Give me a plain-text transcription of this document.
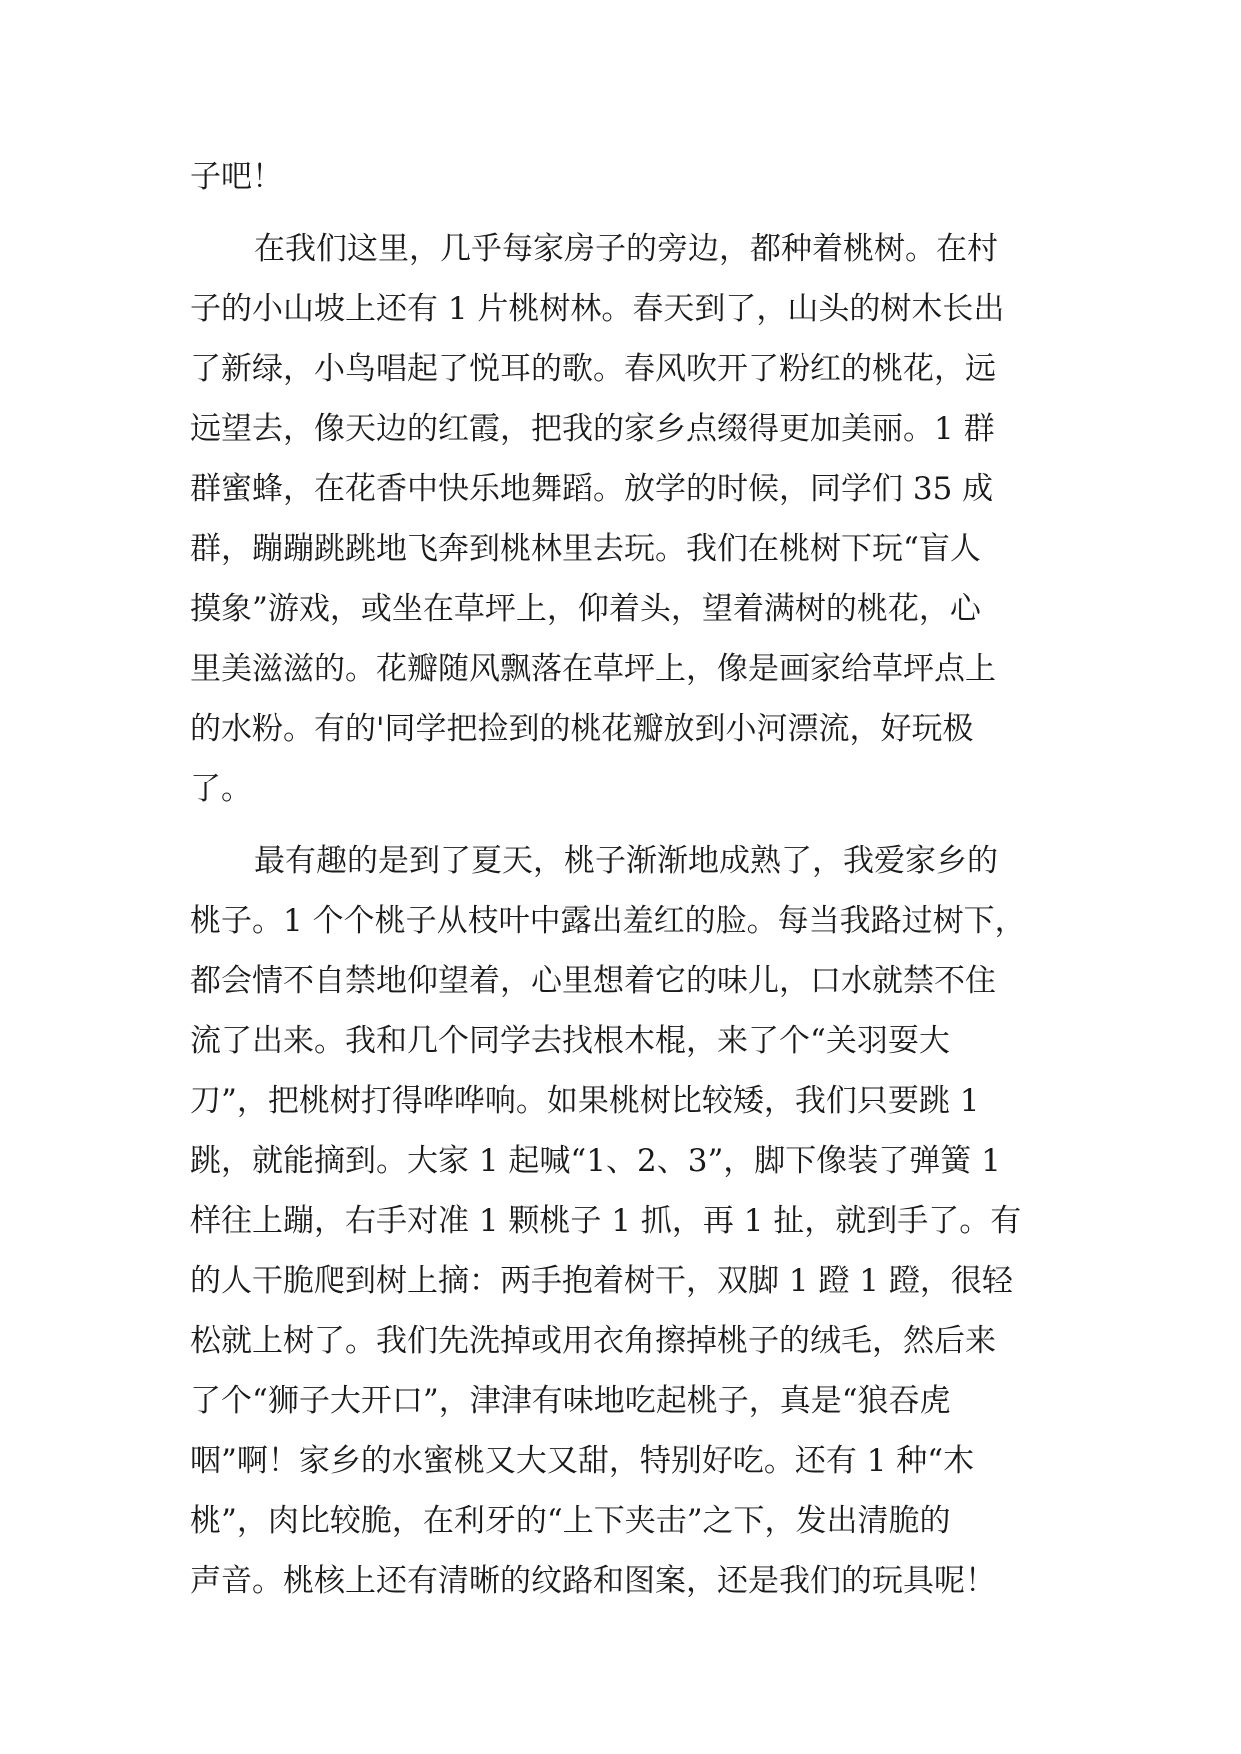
子吧！
在我们这里，几乎每家房子的旁边，都种着桃树。在村
子的小山坡上还有 1 片桃树林。春天到了，山头的树木长出
了新绿，小鸟唱起了悦耳的歌。春风吹开了粉红的桃花，远
远望去，像天边的红霞，把我的家乡点缀得更加美丽。1 群
群蜜蜂，在花香中快乐地舞蹈。放学的时候，同学们 35 成
群，蹦蹦跳跳地飞奔到桃林里去玩。我们在桃树下玩“盲人
摸象”游戏，或坐在草坪上，仰着头，望着满树的桃花，心
里美滋滋的。花瓣随风飘落在草坪上，像是画家给草坪点上
的水粉。有的'同学把捡到的桃花瓣放到小河漂流，好玩极
了。
最有趣的是到了夏天，桃子渐渐地成熟了，我爱家乡的
桃子。1 个个桃子从枝叶中露出羞红的脸。每当我路过树下，
都会情不自禁地仰望着，心里想着它的味儿，口水就禁不住
流了出来。我和几个同学去找根木棍，来了个“关羽耍大
刀”，把桃树打得哗哗响。如果桃树比较矮，我们只要跳 1
跳，就能摘到。大家 1 起喊“1、2、3”，脚下像装了弹簧 1
样往上蹦，右手对准 1 颗桃子 1 抓，再 1 扯，就到手了。有
的人干脆爬到树上摘：两手抱着树干，双脚 1 蹬 1 蹬，很轻
松就上树了。我们先洗掉或用衣角擦掉桃子的绒毛，然后来
了个“狮子大开口”，津津有味地吃起桃子，真是“狼吞虎
咽”啊！家乡的水蜜桃又大又甜，特别好吃。还有 1 种“木
桃”，肉比较脆，在利牙的“上下夹击”之下，发出清脆的
声音。桃核上还有清晰的纹路和图案，还是我们的玩具呢！
